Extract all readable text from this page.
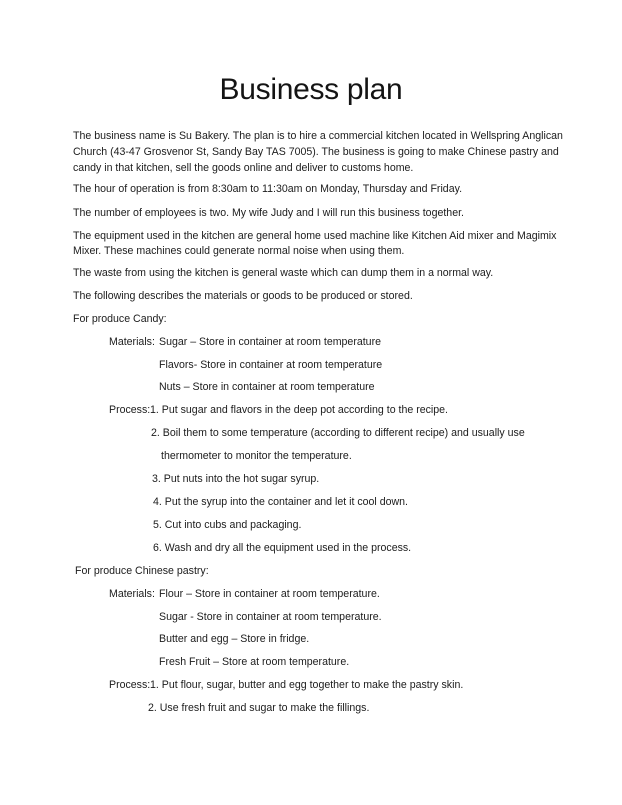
Business plan

The business name is Su Bakery. The plan is to hire a commercial kitchen located in Wellspring Anglican

Church (43-47 Grosvenor St, Sandy Bay TAS 7005). The business is going to make Chinese pastry and

candy in that kitchen, sell the goods online and deliver to customs home.

The hour of operation is from 8:30am to 11:30am on Monday, Thursday and Friday.

The number of employees is two. My wife Judy and I will run this business together.

The equipment used in the kitchen are general home used machine like Kitchen Aid mixer and Magimix

Mixer. These machines could generate normal noise when using them.

The waste from using the kitchen is general waste which can dump them in a normal way.

The following describes the materials or goods to be produced or stored.

For produce Candy:

Materials: Sugar – Store in container at room temperature

Flavors- Store in container at room temperature

Nuts – Store in container at room temperature

Process: 1. Put sugar and flavors in the deep pot according to the recipe.

2. Boil them to some temperature (according to different recipe) and usually use

thermometer to monitor the temperature.

3. Put nuts into the hot sugar syrup.

4. Put the syrup into the container and let it cool down.

5. Cut into cubs and packaging.

6. Wash and dry all the equipment used in the process.

For produce Chinese pastry:

Materials: Flour – Store in container at room temperature.

Sugar - Store in container at room temperature.

Butter and egg – Store in fridge.

Fresh Fruit – Store at room temperature.

Process: 1. Put flour, sugar, butter and egg together to make the pastry skin.

2. Use fresh fruit and sugar to make the fillings.
